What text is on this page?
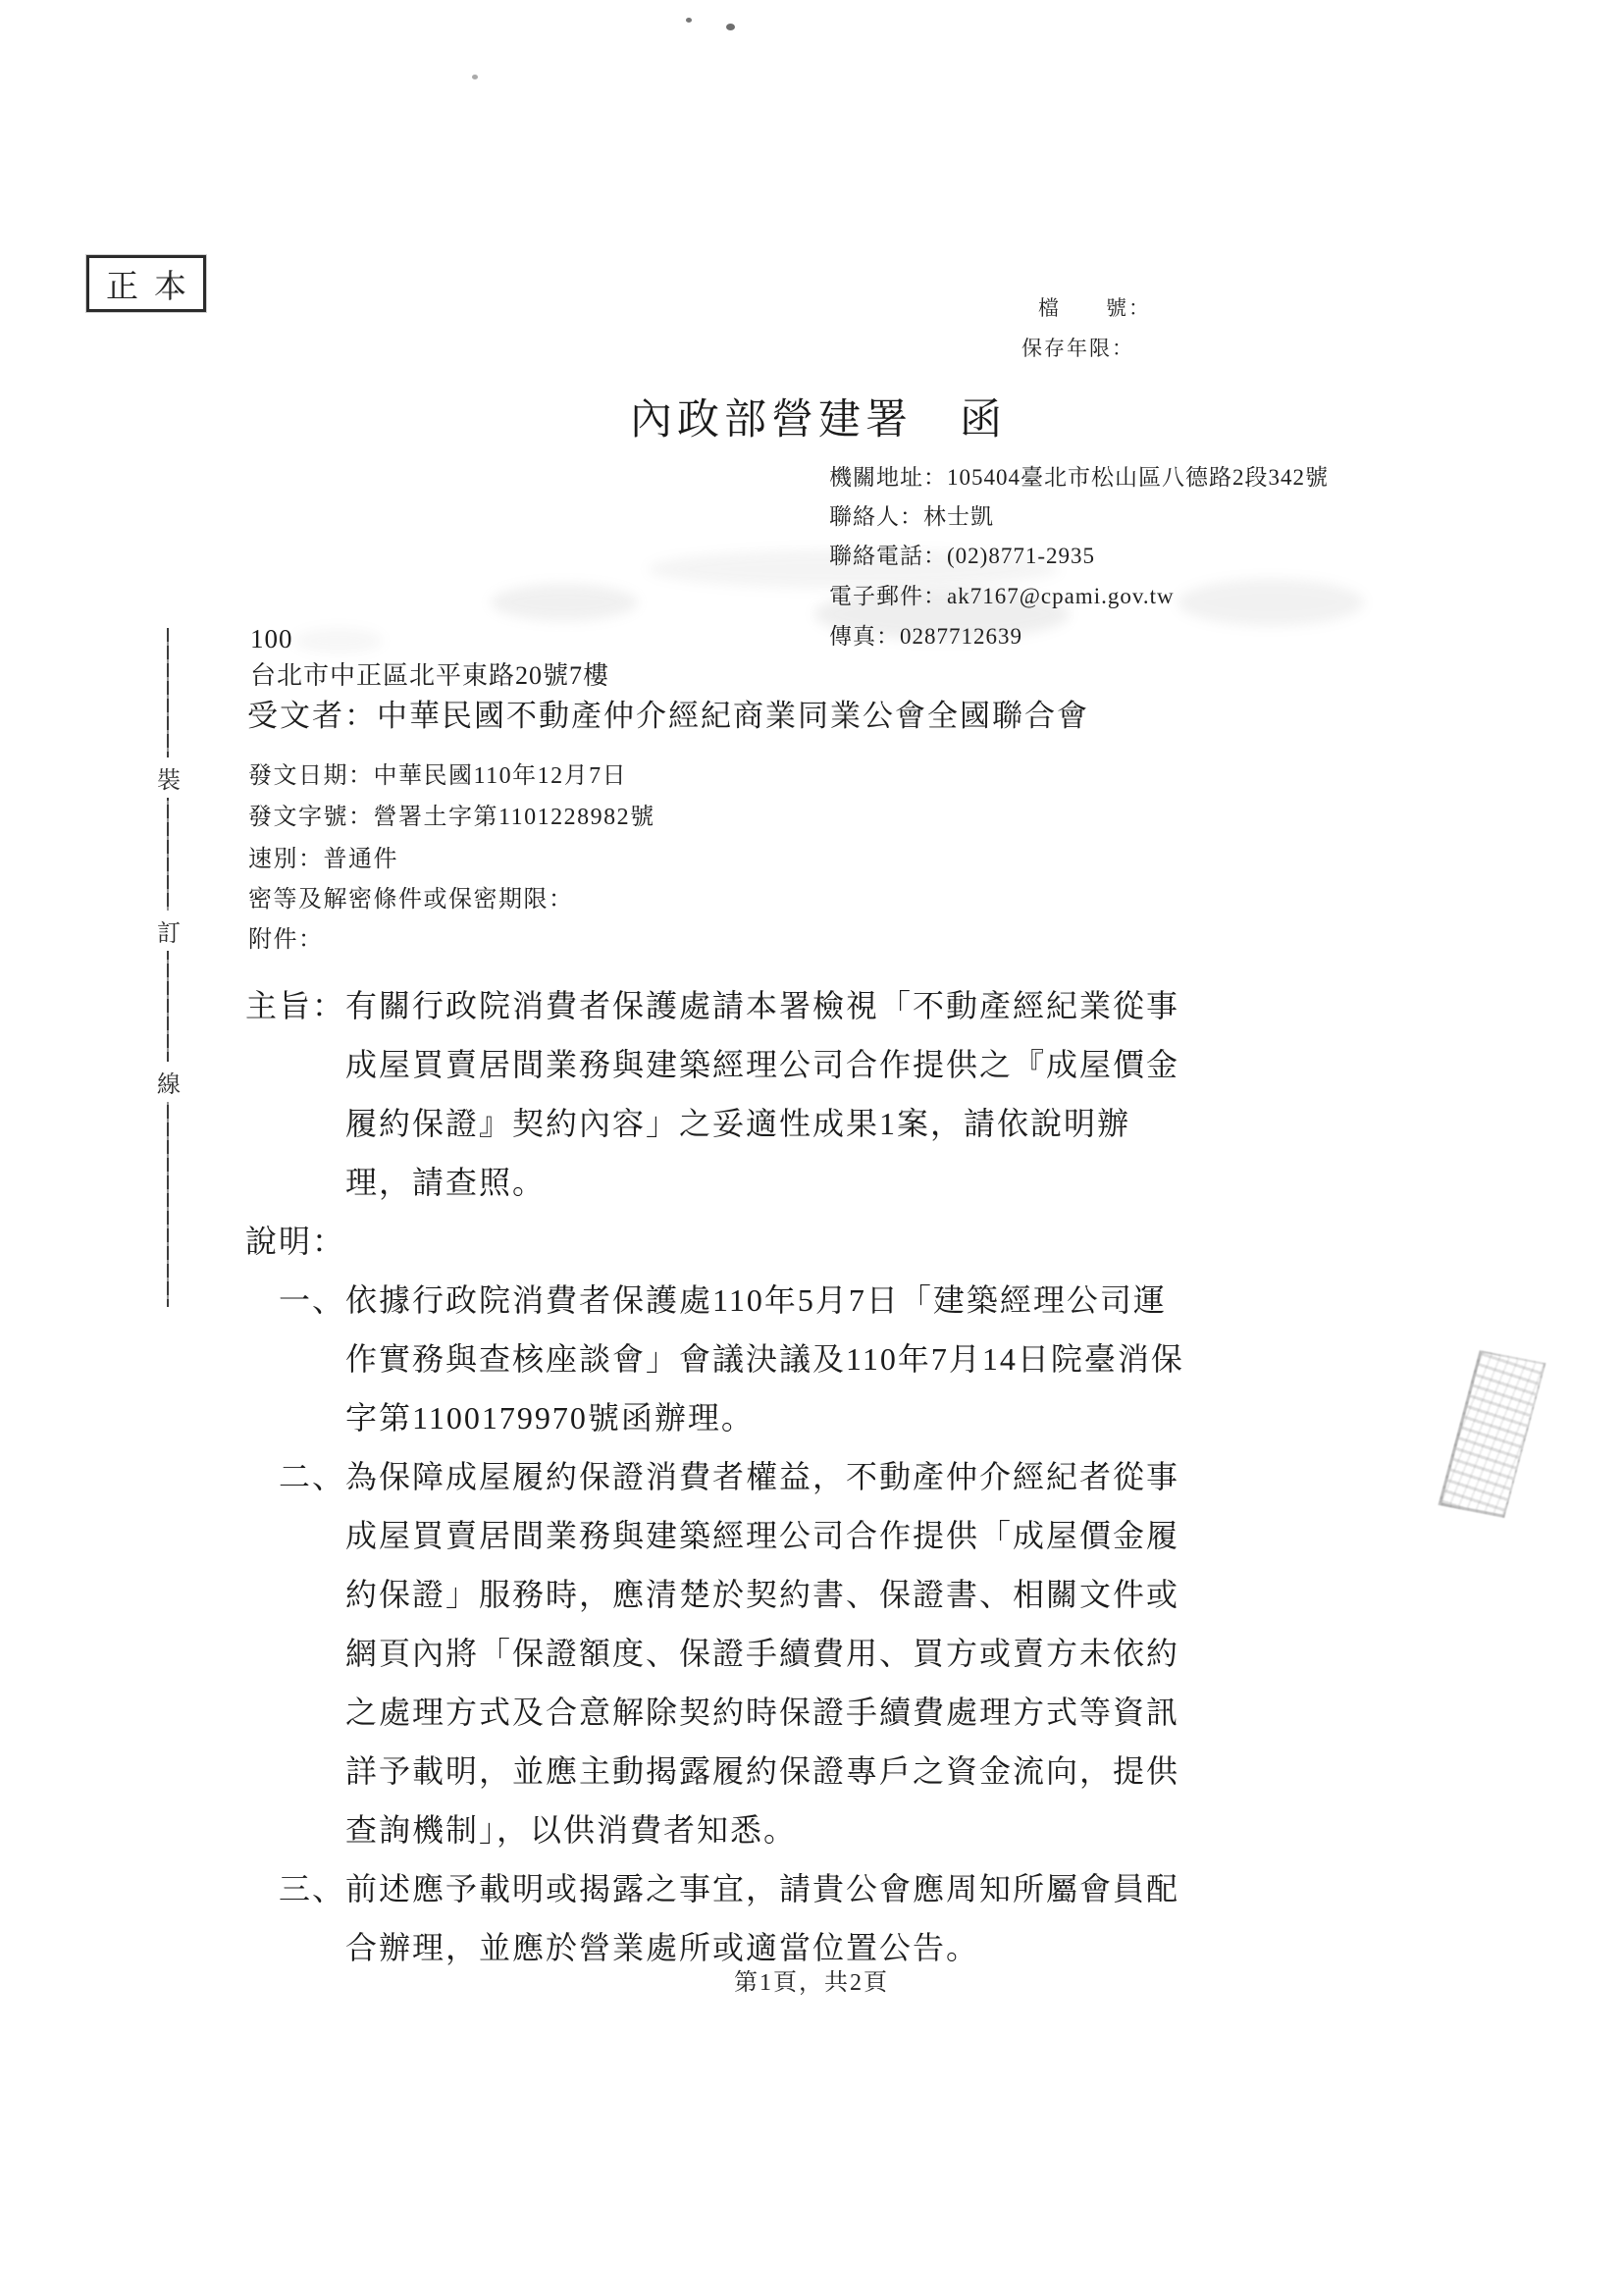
正本
檔　　號：
保存年限：
內政部營建署　函
機關地址：105404臺北市松山區八德路2段342號
聯絡人：林士凱
聯絡電話：(02)8771-2935
電子郵件：ak7167@cpami.gov.tw
傳真：0287712639
100
台北市中正區北平東路20號7樓
受文者：中華民國不動產仲介經紀商業同業公會全國聯合會
發文日期：中華民國110年12月7日
發文字號：營署土字第1101228982號
速別：普通件
密等及解密條件或保密期限：
附件：
主旨：有關行政院消費者保護處請本署檢視「不動產經紀業從事
成屋買賣居間業務與建築經理公司合作提供之『成屋價金
履約保證』契約內容」之妥適性成果1案，請依說明辦
理，請查照。
說明：
一、依據行政院消費者保護處110年5月7日「建築經理公司運
作實務與查核座談會」會議決議及110年7月14日院臺消保
字第1100179970號函辦理。
二、為保障成屋履約保證消費者權益，不動產仲介經紀者從事
成屋買賣居間業務與建築經理公司合作提供「成屋價金履
約保證」服務時，應清楚於契約書、保證書、相關文件或
網頁內將「保證額度、保證手續費用、買方或賣方未依約
之處理方式及合意解除契約時保證手續費處理方式等資訊
詳予載明，並應主動揭露履約保證專戶之資金流向，提供
查詢機制」，以供消費者知悉。
三、前述應予載明或揭露之事宜，請貴公會應周知所屬會員配
合辦理，並應於營業處所或適當位置公告。
裝
訂
線
第1頁，共2頁
